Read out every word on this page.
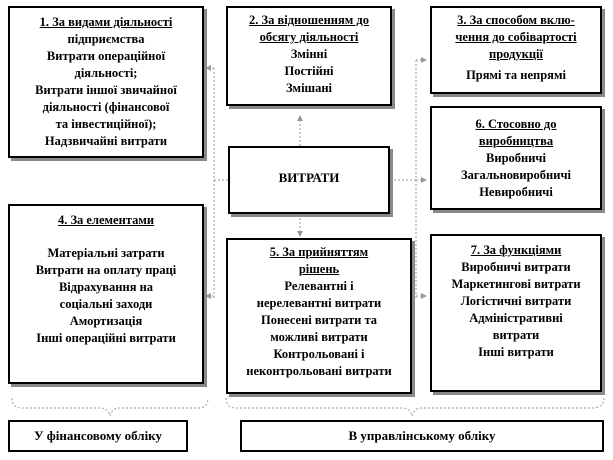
1. За видами діяльності
підприємства
Витрати операційної
діяльності;
Витрати іншої звичайної
діяльності (фінансової
та інвестиційної);
Надзвичайні витрати
2. За відношенням до
обсягу діяльності
Змінні
Постійні
Змішані
3. За способом вклю-
чення до собівартості
продукції
Прямі та непрямі
ВИТРАТИ
6. Стосовно до
виробництва
Виробничі
Загальновиробничі
Невиробничі
4. За елементами
Матеріальні затрати
Витрати на оплату праці
Відрахування на
соціальні заходи
Амортизація
Інші операційні витрати
5. За прийняттям
рішень
Релевантні і
нерелевантні витрати
Понесені витрати та
можливі витрати
Контрольовані і
неконтрольовані витрати
7. За функціями
Виробничі витрати
Маркетингові витрати
Логістичні витрати
Адміністративні
витрати
Інші витрати
У фінансовому обліку	В управлінському обліку
